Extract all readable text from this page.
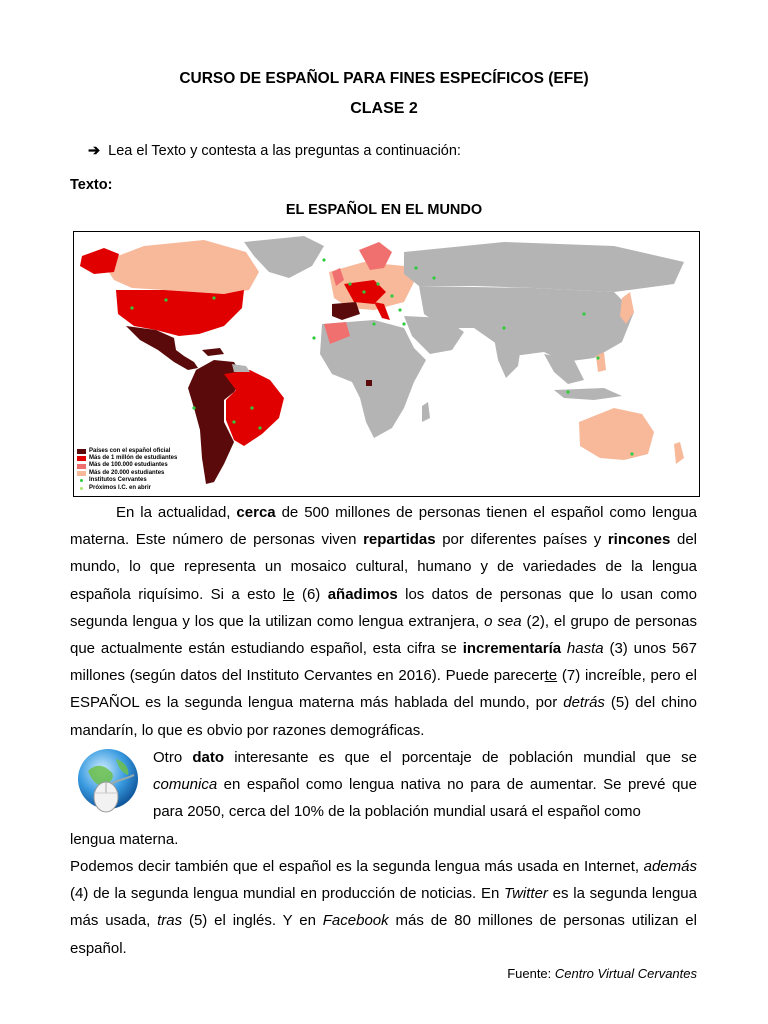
CURSO DE ESPAÑOL PARA FINES ESPECÍFICOS (EFE)
CLASE 2
➔ Lea el Texto y contesta a las preguntas a continuación:
Texto:
EL ESPAÑOL EN EL MUNDO
Países con el español oficial
Más de 1 millón de estudiantes
Más de 100.000 estudiantes
Más de 20.000 estudiantes
Institutos Cervantes
Próximos I.C. en abrir
En la actualidad, cerca de 500 millones de personas tienen el español como lengua materna. Este número de personas viven repartidas por diferentes países y rincones del mundo, lo que representa un mosaico cultural, humano y de variedades de la lengua española riquísimo. Si a esto le (6) añadimos los datos de personas que lo usan como segunda lengua y los que la utilizan como lengua extranjera, o sea (2), el grupo de personas que actualmente están estudiando español, esta cifra se incrementaría hasta (3) unos 567 millones (según datos del Instituto Cervantes en 2016). Puede parecerte (7) increíble, pero el ESPAÑOL es la segunda lengua materna más hablada del mundo, por detrás (5) del chino mandarín, lo que es obvio por razones demográficas.
Otro dato interesante es que el porcentaje de población mundial que se comunica en español como lengua nativa no para de aumentar. Se prevé que para 2050, cerca del 10% de la población mundial usará el español como
lengua materna.
Podemos decir también que el español es la segunda lengua más usada en Internet, además (4) de la segunda lengua mundial en producción de noticias. En Twitter es la segunda lengua más usada, tras (5) el inglés. Y en Facebook más de 80 millones de personas utilizan el español.
Fuente: Centro Virtual Cervantes
